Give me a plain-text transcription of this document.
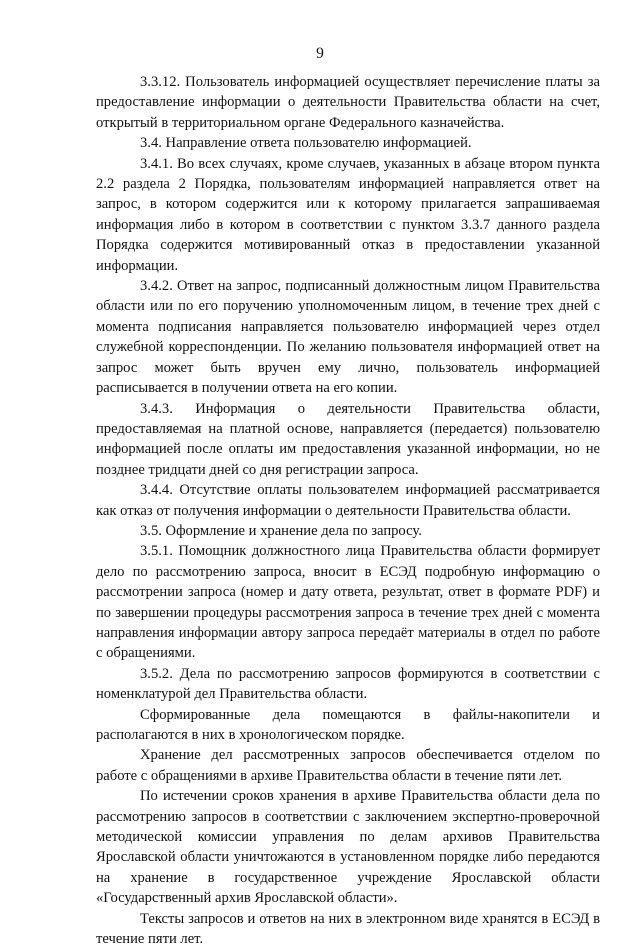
9

3.3.12. Пользователь информацией осуществляет перечисление платы за предоставление информации о деятельности Правительства области на счет, открытый в территориальном органе Федерального казначейства.

3.4. Направление ответа пользователю информацией.

3.4.1. Во всех случаях, кроме случаев, указанных в абзаце втором пункта 2.2 раздела 2 Порядка, пользователям информацией направляется ответ на запрос, в котором содержится или к которому прилагается запрашиваемая информация либо в котором в соответствии с пунктом 3.3.7 данного раздела Порядка содержится мотивированный отказ в предоставлении указанной информации.

3.4.2. Ответ на запрос, подписанный должностным лицом Правительства области или по его поручению уполномоченным лицом, в течение трех дней с момента подписания направляется пользователю информацией через отдел служебной корреспонденции. По желанию пользователя информацией ответ на запрос может быть вручен ему лично, пользователь информацией расписывается в получении ответа на его копии.

3.4.3. Информация о деятельности Правительства области, предоставляемая на платной основе, направляется (передается) пользователю информацией после оплаты им предоставления указанной информации, но не позднее тридцати дней со дня регистрации запроса.

3.4.4. Отсутствие оплаты пользователем информацией рассматривается как отказ от получения информации о деятельности Правительства области.

3.5. Оформление и хранение дела по запросу.

3.5.1. Помощник должностного лица Правительства области формирует дело по рассмотрению запроса, вносит в ЕСЭД подробную информацию о рассмотрении запроса (номер и дату ответа, результат, ответ в формате PDF) и по завершении процедуры рассмотрения запроса в течение трех дней с момента направления информации автору запроса передаёт материалы в отдел по работе с обращениями.

3.5.2. Дела по рассмотрению запросов формируются в соответствии с номенклатурой дел Правительства области.

Сформированные дела помещаются в файлы-накопители и располагаются в них в хронологическом порядке.

Хранение дел рассмотренных запросов обеспечивается отделом по работе с обращениями в архиве Правительства области в течение пяти лет.

По истечении сроков хранения в архиве Правительства области дела по рассмотрению запросов в соответствии с заключением экспертно-проверочной методической комиссии управления по делам архивов Правительства Ярославской области уничтожаются в установленном порядке либо передаются на хранение в государственное учреждение Ярославской области «Государственный архив Ярославской области».

Тексты запросов и ответов на них в электронном виде хранятся в ЕСЭД в течение пяти лет.
